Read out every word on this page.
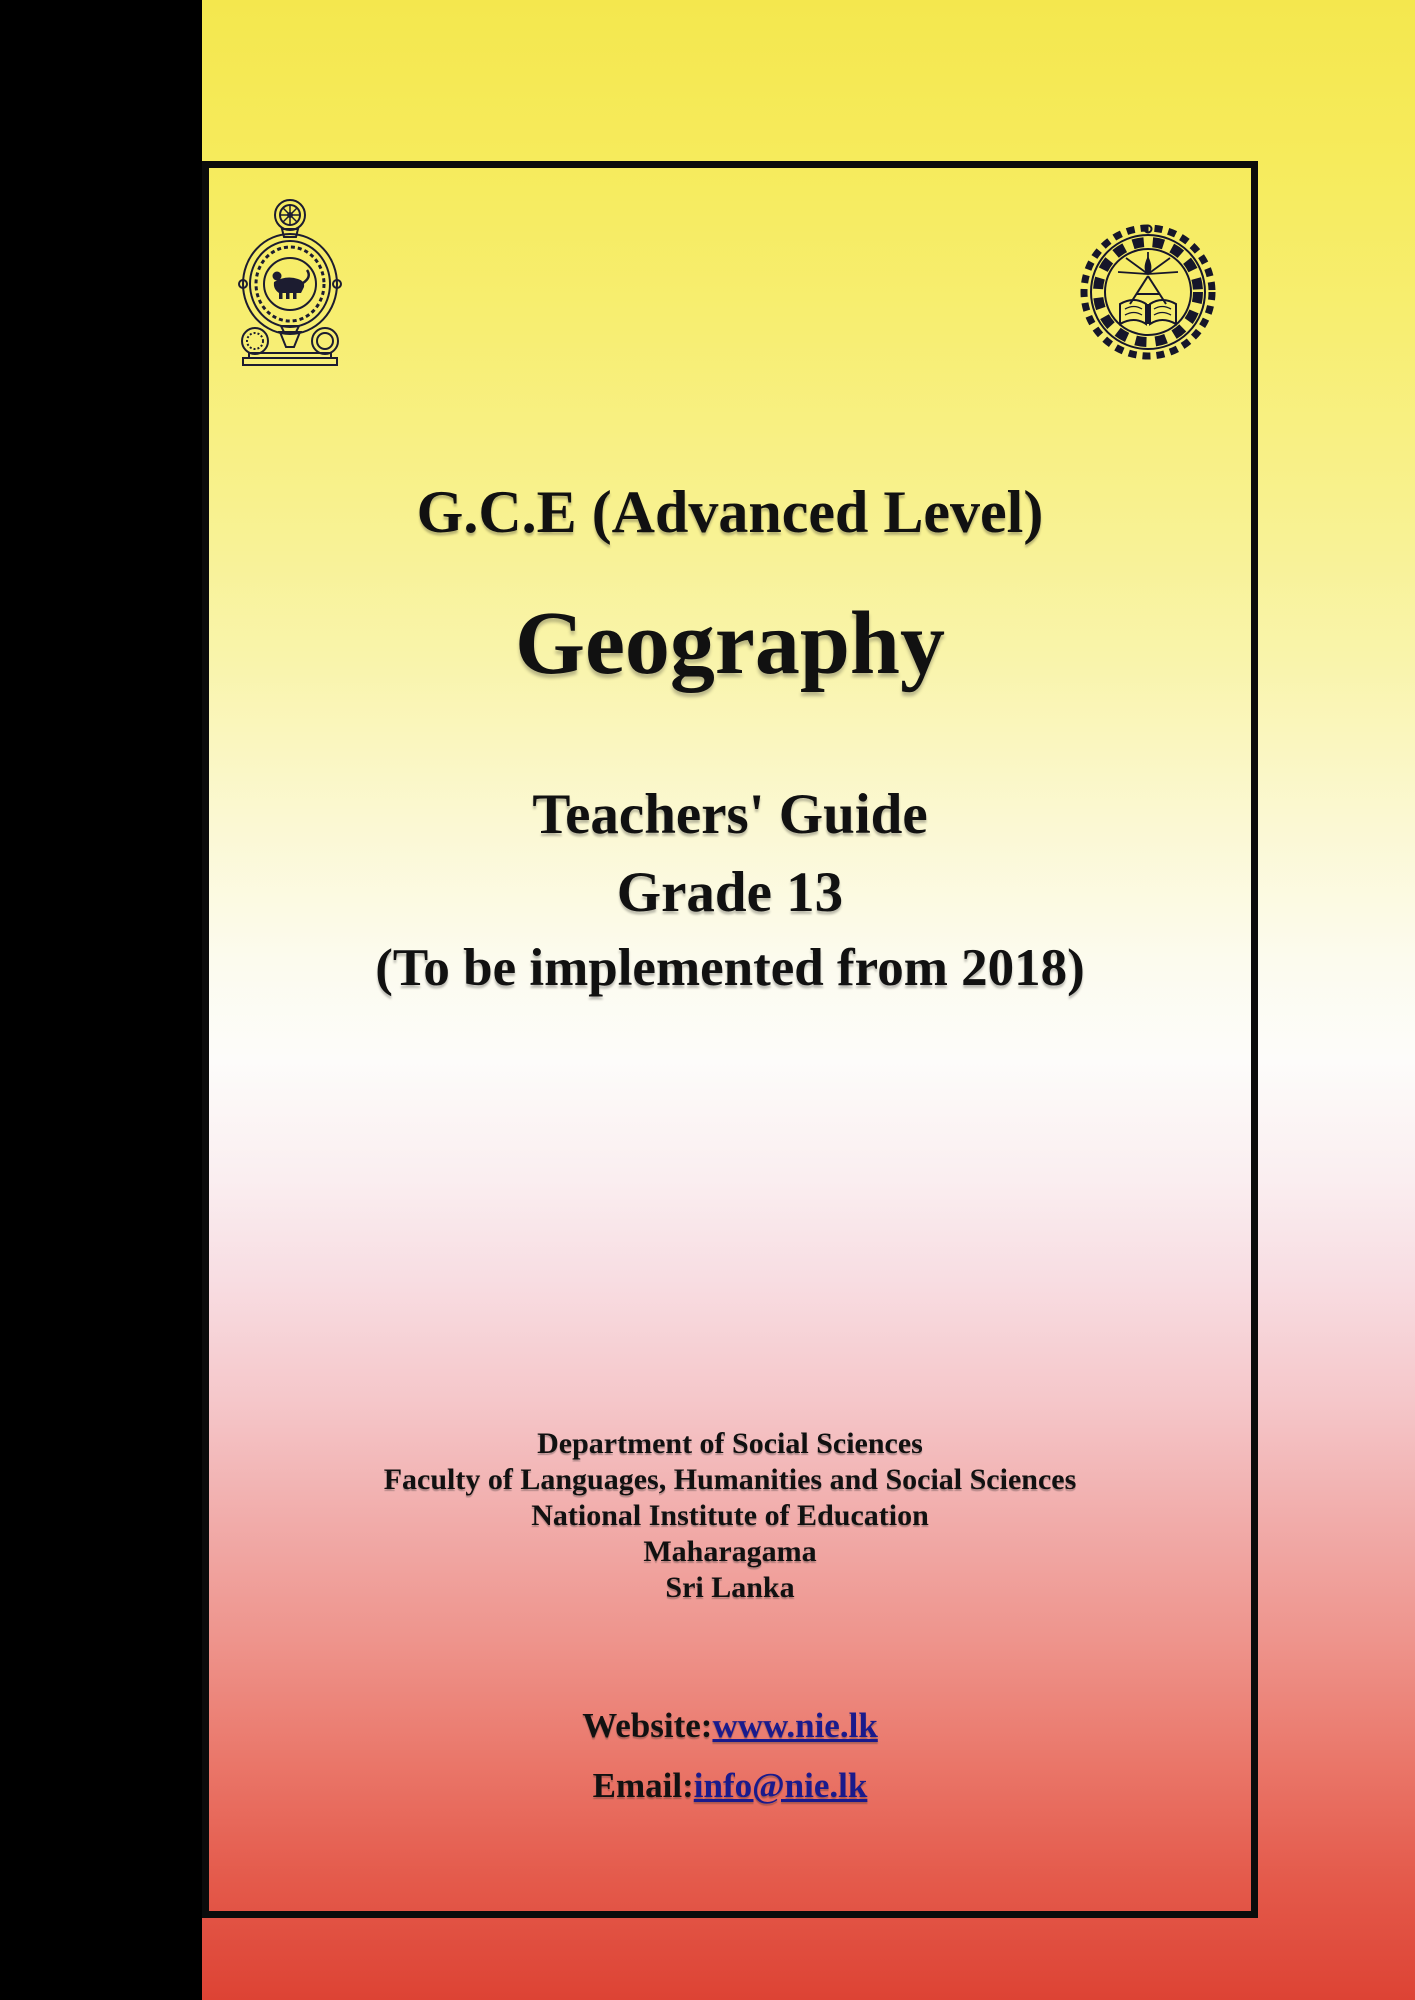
G.C.E (Advanced Level)
Geography
Teachers' Guide
Grade 13
(To be implemented from 2018)
Department of Social Sciences
Faculty of Languages, Humanities and Social Sciences
National Institute of Education
Maharagama
Sri Lanka
Website:www.nie.lk
Email:info@nie.lk
